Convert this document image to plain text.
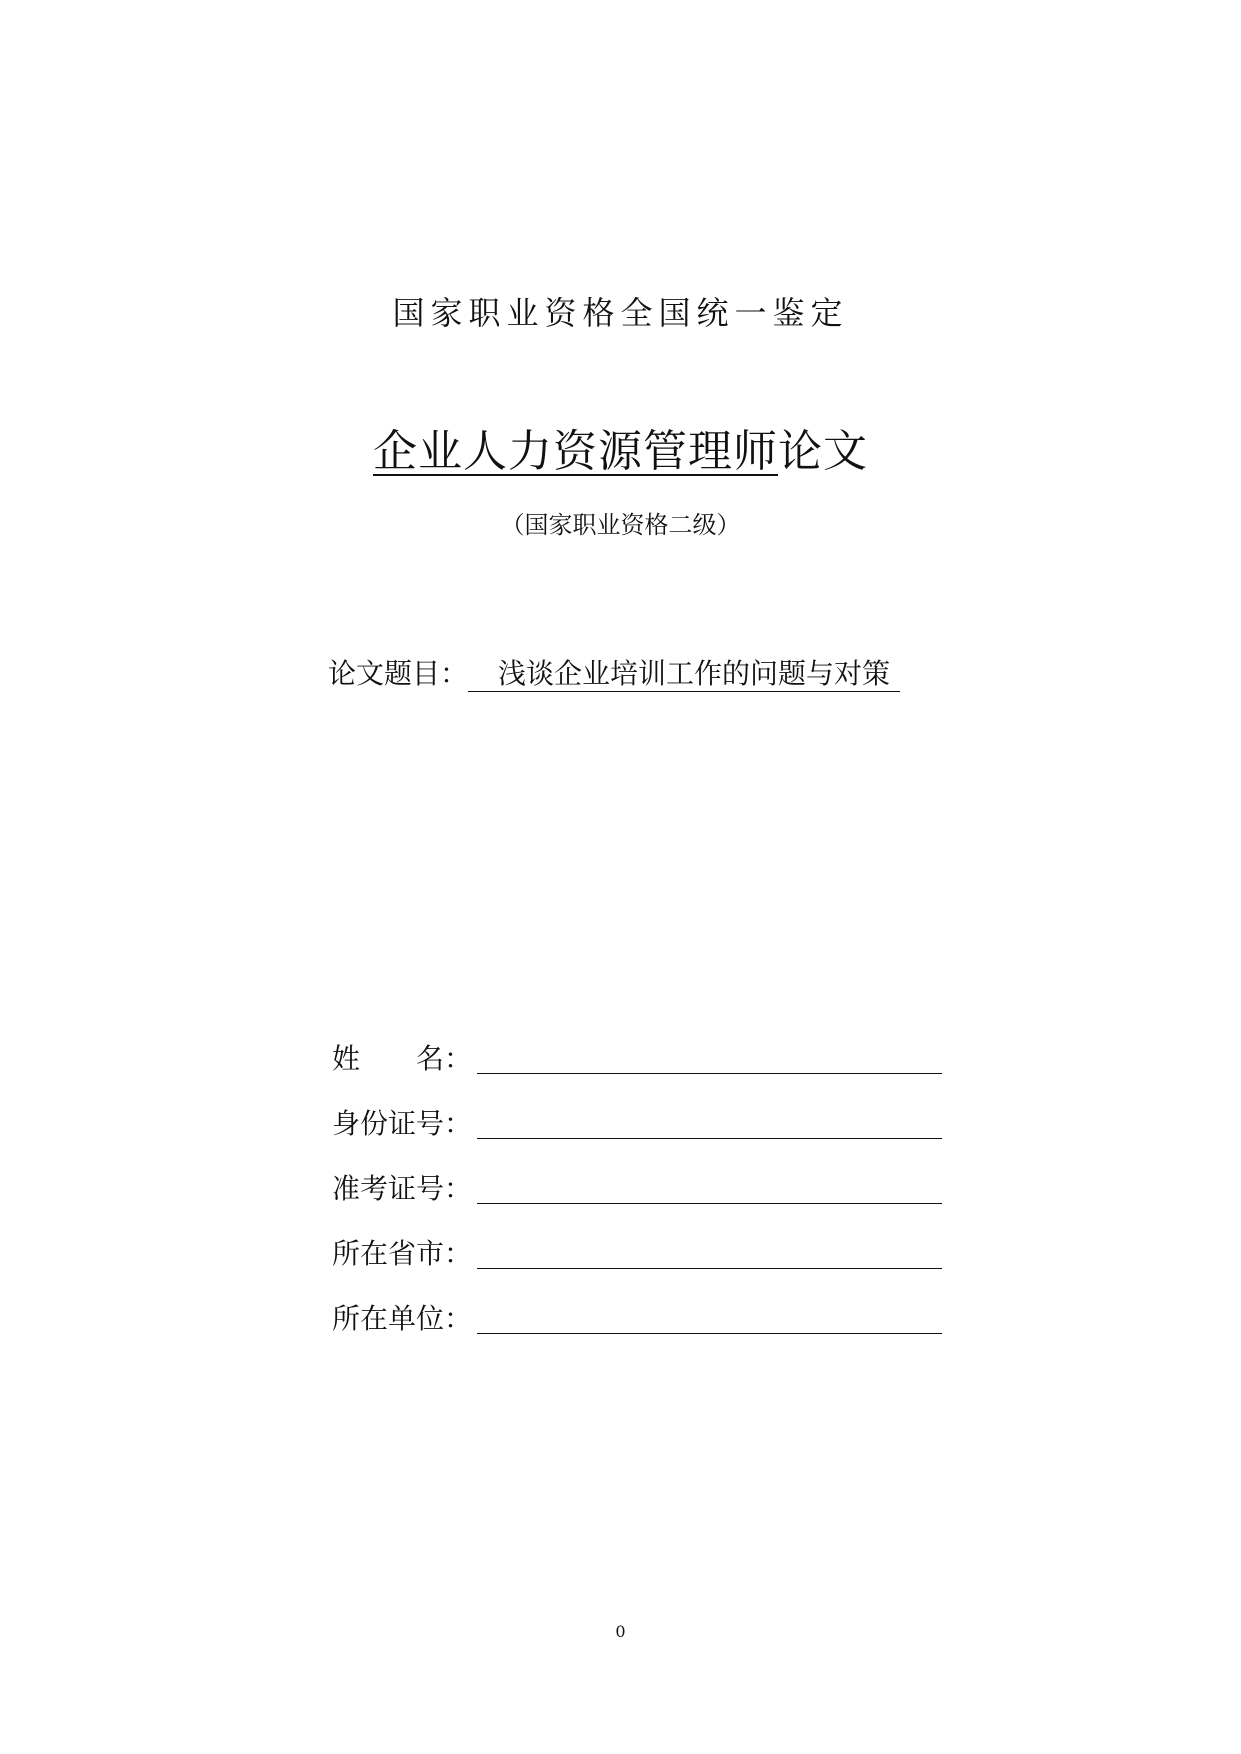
国家职业资格全国统一鉴定
企业人力资源管理师论文
（国家职业资格二级）
论文题目： 浅谈企业培训工作的问题与对策
姓　　名：
身份证号：
准考证号：
所在省市：
所在单位：
0
